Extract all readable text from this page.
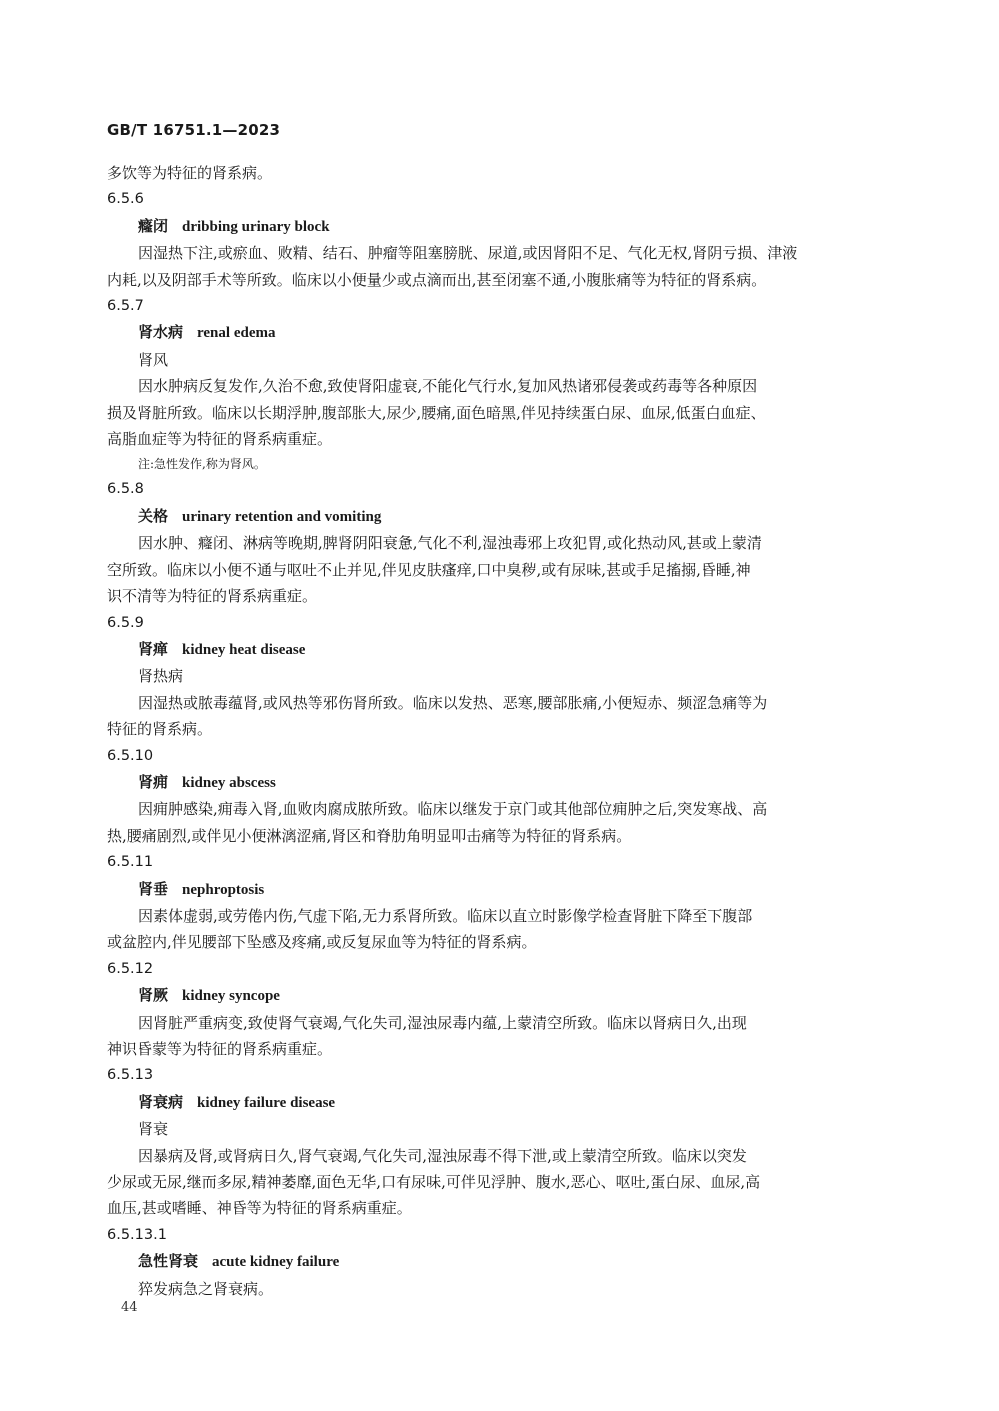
GB/T 16751.1—2023
多饮等为特征的肾系病。
6.5.6
癃闭 dribbing urinary block
因湿热下注,或瘀血、败精、结石、肿瘤等阻塞膀胱、尿道,或因肾阳不足、气化无权,肾阴亏损、津液
内耗,以及阴部手术等所致。临床以小便量少或点滴而出,甚至闭塞不通,小腹胀痛等为特征的肾系病。
6.5.7
肾水病 renal edema
肾风
因水肿病反复发作,久治不愈,致使肾阳虚衰,不能化气行水,复加风热诸邪侵袭或药毒等各种原因
损及肾脏所致。临床以长期浮肿,腹部胀大,尿少,腰痛,面色暗黑,伴见持续蛋白尿、血尿,低蛋白血症、
高脂血症等为特征的肾系病重症。
注:急性发作,称为肾风。
6.5.8
关格 urinary retention and vomiting
因水肿、癃闭、淋病等晚期,脾肾阴阳衰惫,气化不利,湿浊毒邪上攻犯胃,或化热动风,甚或上蒙清
空所致。临床以小便不通与呕吐不止并见,伴见皮肤瘙痒,口中臭秽,或有尿味,甚或手足搐搦,昏睡,神
识不清等为特征的肾系病重症。
6.5.9
肾瘅 kidney heat disease
肾热病
因湿热或脓毒蕴肾,或风热等邪伤肾所致。临床以发热、恶寒,腰部胀痛,小便短赤、频涩急痛等为
特征的肾系病。
6.5.10
肾痈 kidney abscess
因痈肿感染,痈毒入肾,血败肉腐成脓所致。临床以继发于京门或其他部位痈肿之后,突发寒战、高
热,腰痛剧烈,或伴见小便淋漓涩痛,肾区和脊肋角明显叩击痛等为特征的肾系病。
6.5.11
肾垂 nephroptosis
因素体虚弱,或劳倦内伤,气虚下陷,无力系肾所致。临床以直立时影像学检查肾脏下降至下腹部
或盆腔内,伴见腰部下坠感及疼痛,或反复尿血等为特征的肾系病。
6.5.12
肾厥 kidney syncope
因肾脏严重病变,致使肾气衰竭,气化失司,湿浊尿毒内蕴,上蒙清空所致。临床以肾病日久,出现
神识昏蒙等为特征的肾系病重症。
6.5.13
肾衰病 kidney failure disease
肾衰
因暴病及肾,或肾病日久,肾气衰竭,气化失司,湿浊尿毒不得下泄,或上蒙清空所致。临床以突发
少尿或无尿,继而多尿,精神萎靡,面色无华,口有尿味,可伴见浮肿、腹水,恶心、呕吐,蛋白尿、血尿,高
血压,甚或嗜睡、神昏等为特征的肾系病重症。
6.5.13.1
急性肾衰 acute kidney failure
猝发病急之肾衰病。
44
